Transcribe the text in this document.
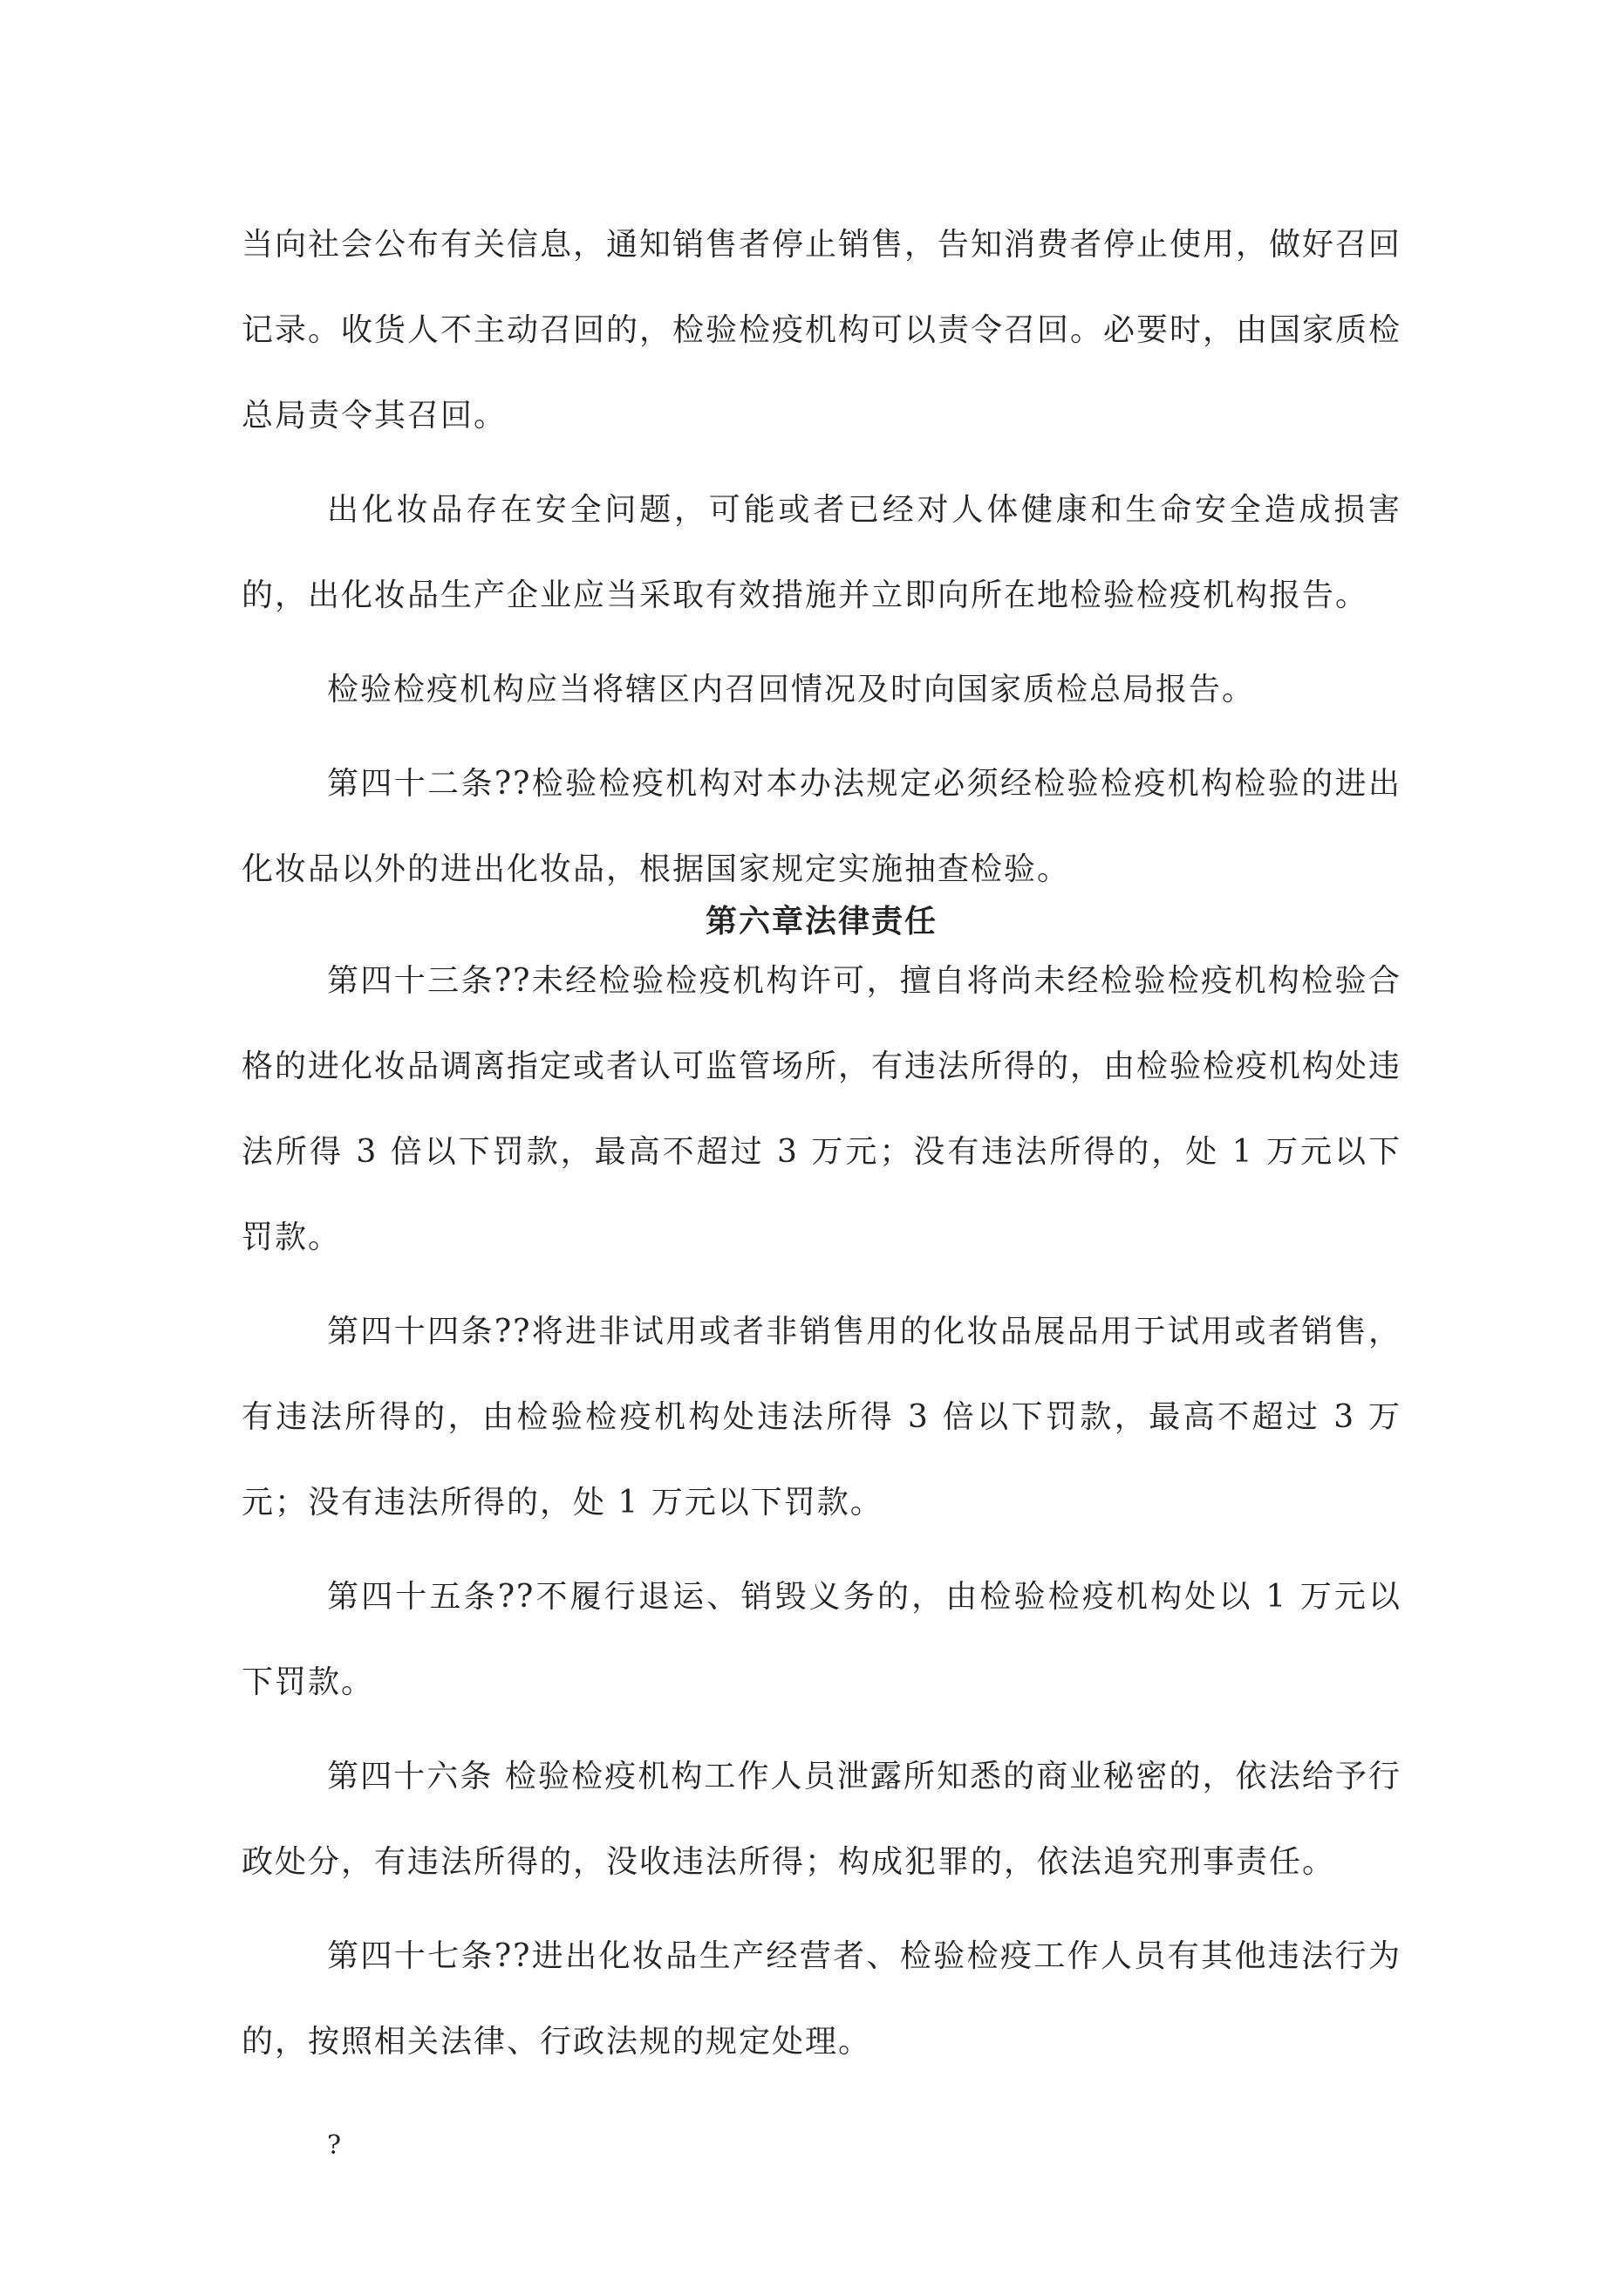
当向社会公布有关信息，通知销售者停止销售，告知消费者停止使用，做好召回记录。收货人不主动召回的，检验检疫机构可以责令召回。必要时，由国家质检总局责令其召回。

出化妆品存在安全问题，可能或者已经对人体健康和生命安全造成损害的，出化妆品生产企业应当采取有效措施并立即向所在地检验检疫机构报告。

检验检疫机构应当将辖区内召回情况及时向国家质检总局报告。

第四十二条??检验检疫机构对本办法规定必须经检验检疫机构检验的进出化妆品以外的进出化妆品，根据国家规定实施抽查检验。

第六章法律责任

第四十三条??未经检验检疫机构许可，擅自将尚未经检验检疫机构检验合格的进化妆品调离指定或者认可监管场所，有违法所得的，由检验检疫机构处违法所得 3 倍以下罚款，最高不超过 3 万元；没有违法所得的，处 1 万元以下罚款。

第四十四条??将进非试用或者非销售用的化妆品展品用于试用或者销售，有违法所得的，由检验检疫机构处违法所得 3 倍以下罚款，最高不超过 3 万元；没有违法所得的，处 1 万元以下罚款。

第四十五条??不履行退运、销毁义务的，由检验检疫机构处以 1 万元以下罚款。

第四十六条 检验检疫机构工作人员泄露所知悉的商业秘密的，依法给予行政处分，有违法所得的，没收违法所得；构成犯罪的，依法追究刑事责任。

第四十七条??进出化妆品生产经营者、检验检疫工作人员有其他违法行为的，按照相关法律、行政法规的规定处理。

?
